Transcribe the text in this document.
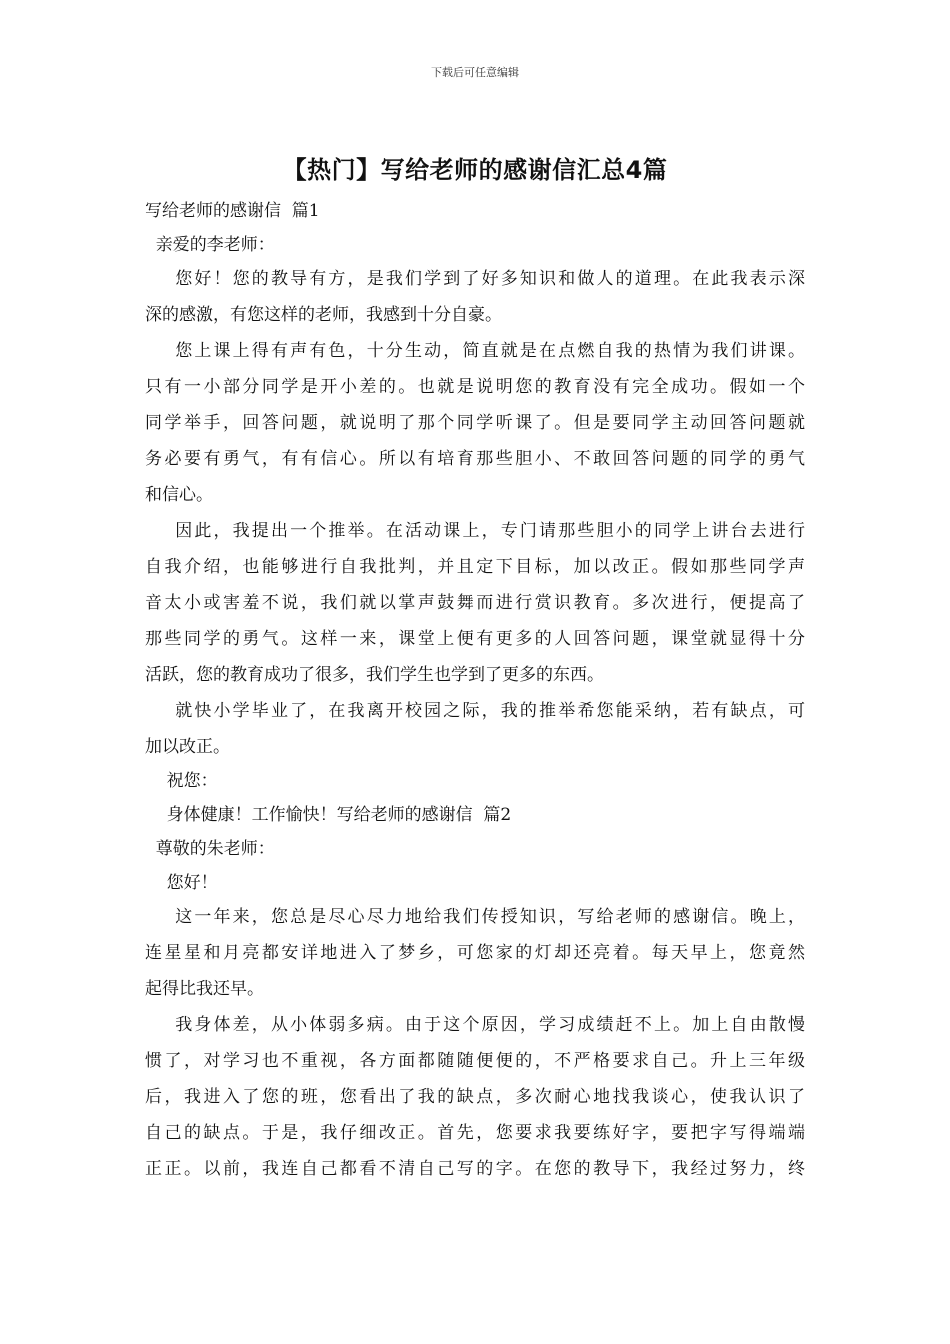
下载后可任意编辑
【热门】写给老师的感谢信汇总4篇
写给老师的感谢信  篇1
亲爱的李老师：
您好！您的教导有方，是我们学到了好多知识和做人的道理。在此我表示深
深的感激，有您这样的老师，我感到十分自豪。
您上课上得有声有色，十分生动，简直就是在点燃自我的热情为我们讲课。
只有一小部分同学是开小差的。也就是说明您的教育没有完全成功。假如一个
同学举手，回答问题，就说明了那个同学听课了。但是要同学主动回答问题就
务必要有勇气，有有信心。所以有培育那些胆小、不敢回答问题的同学的勇气
和信心。
因此，我提出一个推举。在活动课上，专门请那些胆小的同学上讲台去进行
自我介绍，也能够进行自我批判，并且定下目标，加以改正。假如那些同学声
音太小或害羞不说，我们就以掌声鼓舞而进行赏识教育。多次进行，便提高了
那些同学的勇气。这样一来，课堂上便有更多的人回答问题，课堂就显得十分
活跃，您的教育成功了很多，我们学生也学到了更多的东西。
就快小学毕业了，在我离开校园之际，我的推举希您能采纳，若有缺点，可
加以改正。
祝您：
身体健康！工作愉快！写给老师的感谢信  篇2
尊敬的朱老师：
您好！
这一年来，您总是尽心尽力地给我们传授知识，写给老师的感谢信。晚上，
连星星和月亮都安详地进入了梦乡，可您家的灯却还亮着。每天早上，您竟然
起得比我还早。
我身体差，从小体弱多病。由于这个原因，学习成绩赶不上。加上自由散慢
惯了，对学习也不重视，各方面都随随便便的，不严格要求自己。升上三年级
后，我进入了您的班，您看出了我的缺点，多次耐心地找我谈心，使我认识了
自己的缺点。于是，我仔细改正。首先，您要求我要练好字，要把字写得端端
正正。以前，我连自己都看不清自己写的字。在您的教导下，我经过努力，终
